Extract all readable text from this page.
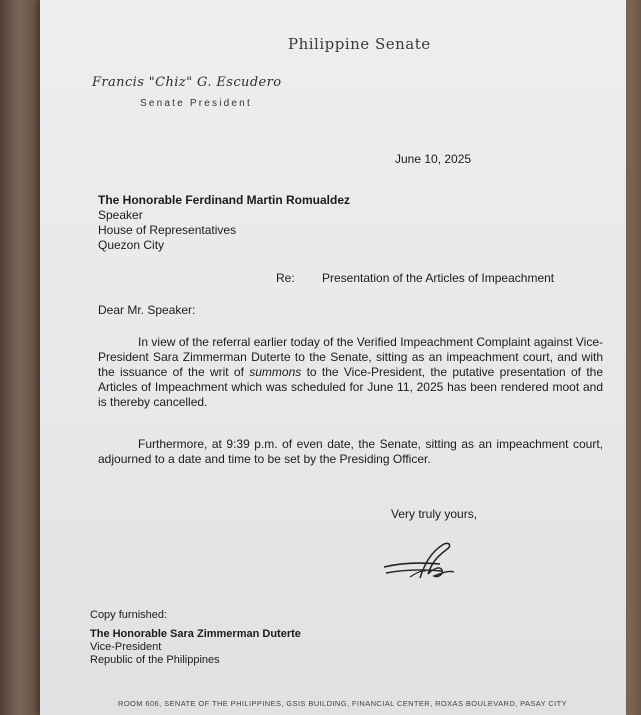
Philippine Senate
Francis "Chiz" G. Escudero
Senate President
June 10, 2025
The Honorable Ferdinand Martin Romualdez
Speaker
House of Representatives
Quezon City
Re: Presentation of the Articles of Impeachment
Dear Mr. Speaker:
In view of the referral earlier today of the Verified Impeachment Complaint against Vice-President Sara Zimmerman Duterte to the Senate, sitting as an impeachment court, and with the issuance of the writ of summons to the Vice-President, the putative presentation of the Articles of Impeachment which was scheduled for June 11, 2025 has been rendered moot and is thereby cancelled.
Furthermore, at 9:39 p.m. of even date, the Senate, sitting as an impeachment court, adjourned to a date and time to be set by the Presiding Officer.
Very truly yours,
Copy furnished:
The Honorable Sara Zimmerman Duterte
Vice-President
Republic of the Philippines
ROOM 606, SENATE OF THE PHILIPPINES, GSIS BUILDING, FINANCIAL CENTER, ROXAS BOULEVARD, PASAY CITY
